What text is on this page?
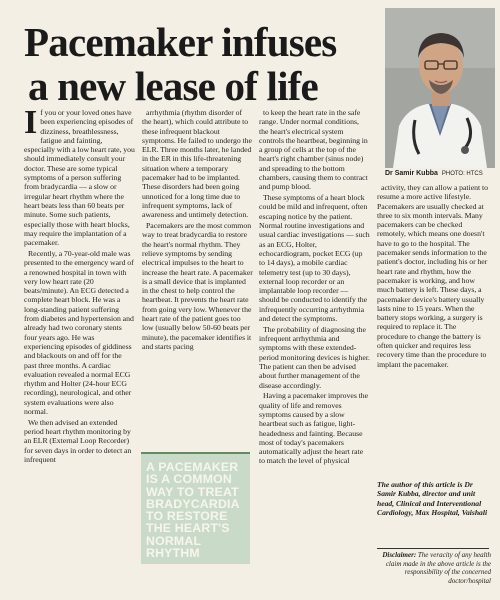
Pacemaker infuses
a new lease of life
Dr Samir Kubba PHOTO: HTCS

If you or your loved ones have been experiencing episodes of dizziness, breathlessness, fatigue and fainting, especially with a low heart rate, you should immediately consult your doctor. These are some typical symptoms of a person suffering from bradycardia — a slow or irregular heart rhythm where the heart beats less than 60 beats per minute. Some such patients, especially those with heart blocks, may require the implantation of a pacemaker.

Recently, a 70-year-old male was presented to the emergency ward of a renowned hospital in town with very low heart rate (20 beats/minute). An ECG detected a complete heart block. He was a long-standing patient suffering from diabetes and hypertension and already had two coronary stents four years ago. He was experiencing episodes of giddiness and blackouts on and off for the past three months. A cardiac evaluation revealed a normal ECG rhythm and Holter (24-hour ECG recording), neurological, and other system evaluations were also normal.

We then advised an extended period heart rhythm monitoring by an ELR (External Loop Recorder) for seven days in order to detect an infrequent

arrhythmia (rhythm disorder of the heart), which could attribute to these infrequent blackout symptoms. He failed to undergo the ELR. Three months later, he landed in the ER in this life-threatening situation where a temporary pacemaker had to be implanted. These disorders had been going unnoticed for a long time due to infrequent symptoms, lack of awareness and untimely detection.

Pacemakers are the most common way to treat bradycardia to restore the heart's normal rhythm. They relieve symptoms by sending electrical impulses to the heart to increase the heart rate. A pacemaker is a small device that is implanted in the chest to help control the heartbeat. It prevents the heart rate from going very low. Whenever the heart rate of the patient goes too low (usually below 50-60 beats per minute), the pacemaker identifies it and starts pacing

A PACEMAKER IS A COMMON WAY TO TREAT BRADYCARDIA TO RESTORE THE HEART'S NORMAL RHYTHM

to keep the heart rate in the safe range. Under normal conditions, the heart's electrical system controls the heartbeat, beginning in a group of cells at the top of the heart's right chamber (sinus node) and spreading to the bottom chambers, causing them to contract and pump blood.

These symptoms of a heart block could be mild and infrequent, often escaping notice by the patient. Normal routine investigations and usual cardiac investigations — such as an ECG, Holter, echocardiogram, pocket ECG (up to 14 days), a mobile cardiac telemetry test (up to 30 days), external loop recorder or an implantable loop recorder — should be conducted to identify the infrequently occurring arrhythmia and detect the symptoms.

The probability of diagnosing the infrequent arrhythmia and symptoms with these extended-period monitoring devices is higher. The patient can then be advised about further management of the disease accordingly.

Having a pacemaker improves the quality of life and removes symptoms caused by a slow heartbeat such as fatigue, light-headedness and fainting. Because most of today's pacemakers automatically adjust the heart rate to match the level of physical

activity, they can allow a patient to resume a more active lifestyle. Pacemakers are usually checked at three to six month intervals. Many pacemakers can be checked remotely, which means one doesn't have to go to the hospital. The pacemaker sends information to the patient's doctor, including his or her heart rate and rhythm, how the pacemaker is working, and how much battery is left. These days, a pacemaker device's battery usually lasts nine to 15 years. When the battery stops working, a surgery is required to replace it. The procedure to change the battery is often quicker and requires less recovery time than the procedure to implant the pacemaker.

The author of this article is Dr Samir Kubba, director and unit head, Clinical and Interventional Cardiology, Max Hospital, Vaishali
Disclaimer: The veracity of any health claim made in the above article is the responsibility of the concerned doctor/hospital
